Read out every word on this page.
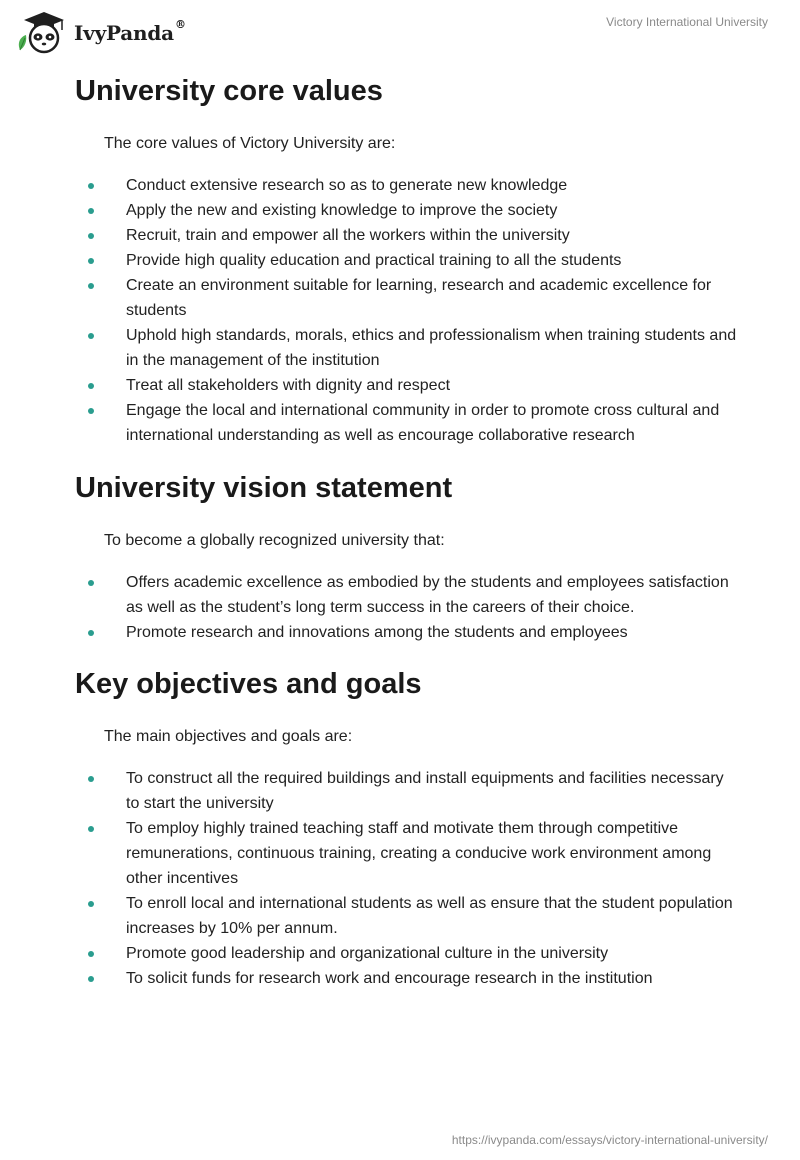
IvyPanda®	Victory International University
University core values
The core values of Victory University are:
Conduct extensive research so as to generate new knowledge
Apply the new and existing knowledge to improve the society
Recruit, train and empower all the workers within the university
Provide high quality education and practical training to all the students
Create an environment suitable for learning, research and academic excellence for students
Uphold high standards, morals, ethics and professionalism when training students and in the management of the institution
Treat all stakeholders with dignity and respect
Engage the local and international community in order to promote cross cultural and international understanding as well as encourage collaborative research
University vision statement
To become a globally recognized university that:
Offers academic excellence as embodied by the students and employees satisfaction as well as the student’s long term success in the careers of their choice.
Promote research and innovations among the students and employees
Key objectives and goals
The main objectives and goals are:
To construct all the required buildings and install equipments and facilities necessary to start the university
To employ highly trained teaching staff and motivate them through competitive remunerations, continuous training, creating a conducive work environment among other incentives
To enroll local and international students as well as ensure that the student population increases by 10% per annum.
Promote good leadership and organizational culture in the university
To solicit funds for research work and encourage research in the institution
https://ivypanda.com/essays/victory-international-university/
